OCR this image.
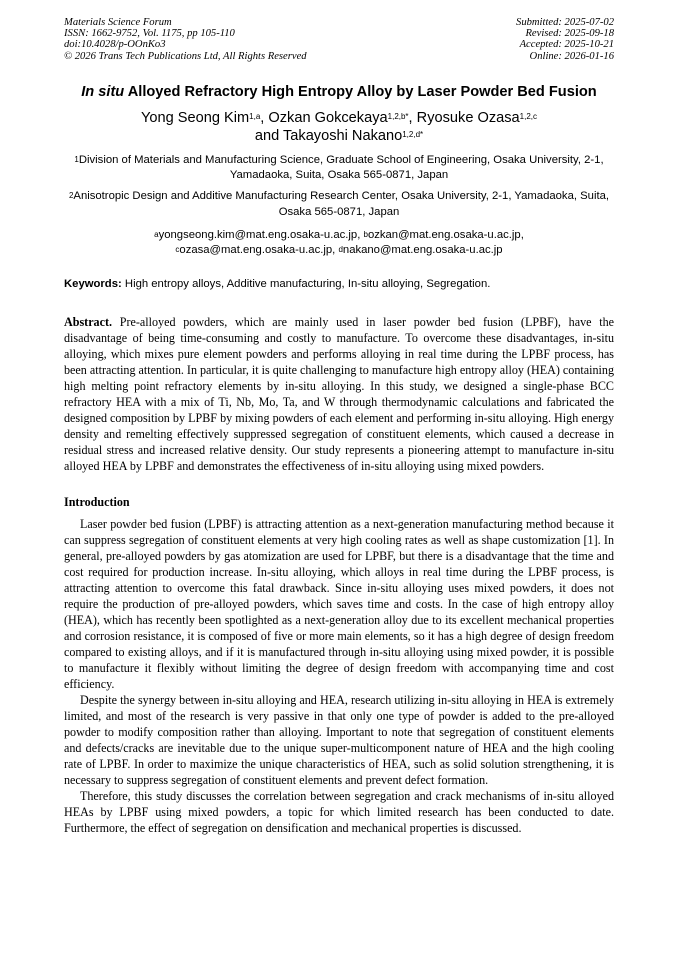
Materials Science Forum
ISSN: 1662-9752, Vol. 1175, pp 105-110
doi:10.4028/p-OOnKo3
© 2026 Trans Tech Publications Ltd, All Rights Reserved
Submitted: 2025-07-02
Revised: 2025-09-18
Accepted: 2025-10-21
Online: 2026-01-16
In situ Alloyed Refractory High Entropy Alloy by Laser Powder Bed Fusion
Yong Seong Kim$^{1,a}$, Ozkan Gokcekaya$^{1,2,b*}$, Ryosuke Ozasa$^{1,2,c}$
and Takayoshi Nakano$^{1,2,d*}$
$^1$Division of Materials and Manufacturing Science, Graduate School of Engineering, Osaka University, 2-1, Yamadaoka, Suita, Osaka 565-0871, Japan
$^2$Anisotropic Design and Additive Manufacturing Research Center, Osaka University, 2-1, Yamadaoka, Suita, Osaka 565-0871, Japan
$^a$yongseong.kim@mat.eng.osaka-u.ac.jp, $^b$ozkan@mat.eng.osaka-u.ac.jp,
$^c$ozasa@mat.eng.osaka-u.ac.jp, $^d$nakano@mat.eng.osaka-u.ac.jp
Keywords: High entropy alloys, Additive manufacturing, In-situ alloying, Segregation.
Abstract. Pre-alloyed powders, which are mainly used in laser powder bed fusion (LPBF), have the disadvantage of being time-consuming and costly to manufacture. To overcome these disadvantages, in-situ alloying, which mixes pure element powders and performs alloying in real time during the LPBF process, has been attracting attention. In particular, it is quite challenging to manufacture high entropy alloy (HEA) containing high melting point refractory elements by in-situ alloying. In this study, we designed a single-phase BCC refractory HEA with a mix of Ti, Nb, Mo, Ta, and W through thermodynamic calculations and fabricated the designed composition by LPBF by mixing powders of each element and performing in-situ alloying. High energy density and remelting effectively suppressed segregation of constituent elements, which caused a decrease in residual stress and increased relative density. Our study represents a pioneering attempt to manufacture in-situ alloyed HEA by LPBF and demonstrates the effectiveness of in-situ alloying using mixed powders.
Introduction

Laser powder bed fusion (LPBF) is attracting attention as a next-generation manufacturing method because it can suppress segregation of constituent elements at very high cooling rates as well as shape customization [1]. In general, pre-alloyed powders by gas atomization are used for LPBF, but there is a disadvantage that the time and cost required for production increase. In-situ alloying, which alloys in real time during the LPBF process, is attracting attention to overcome this fatal drawback. Since in-situ alloying uses mixed powders, it does not require the production of pre-alloyed powders, which saves time and costs. In the case of high entropy alloy (HEA), which has recently been spotlighted as a next-generation alloy due to its excellent mechanical properties and corrosion resistance, it is composed of five or more main elements, so it has a high degree of design freedom compared to existing alloys, and if it is manufactured through in-situ alloying using mixed powder, it is possible to manufacture it flexibly without limiting the degree of design freedom with accompanying time and cost efficiency.

Despite the synergy between in-situ alloying and HEA, research utilizing in-situ alloying in HEA is extremely limited, and most of the research is very passive in that only one type of powder is added to the pre-alloyed powder to modify composition rather than alloying. Important to note that segregation of constituent elements and defects/cracks are inevitable due to the unique super-multicomponent nature of HEA and the high cooling rate of LPBF. In order to maximize the unique characteristics of HEA, such as solid solution strengthening, it is necessary to suppress segregation of constituent elements and prevent defect formation.

Therefore, this study discusses the correlation between segregation and crack mechanisms of in-situ alloyed HEAs by LPBF using mixed powders, a topic for which limited research has been conducted to date. Furthermore, the effect of segregation on densification and mechanical properties is discussed.
